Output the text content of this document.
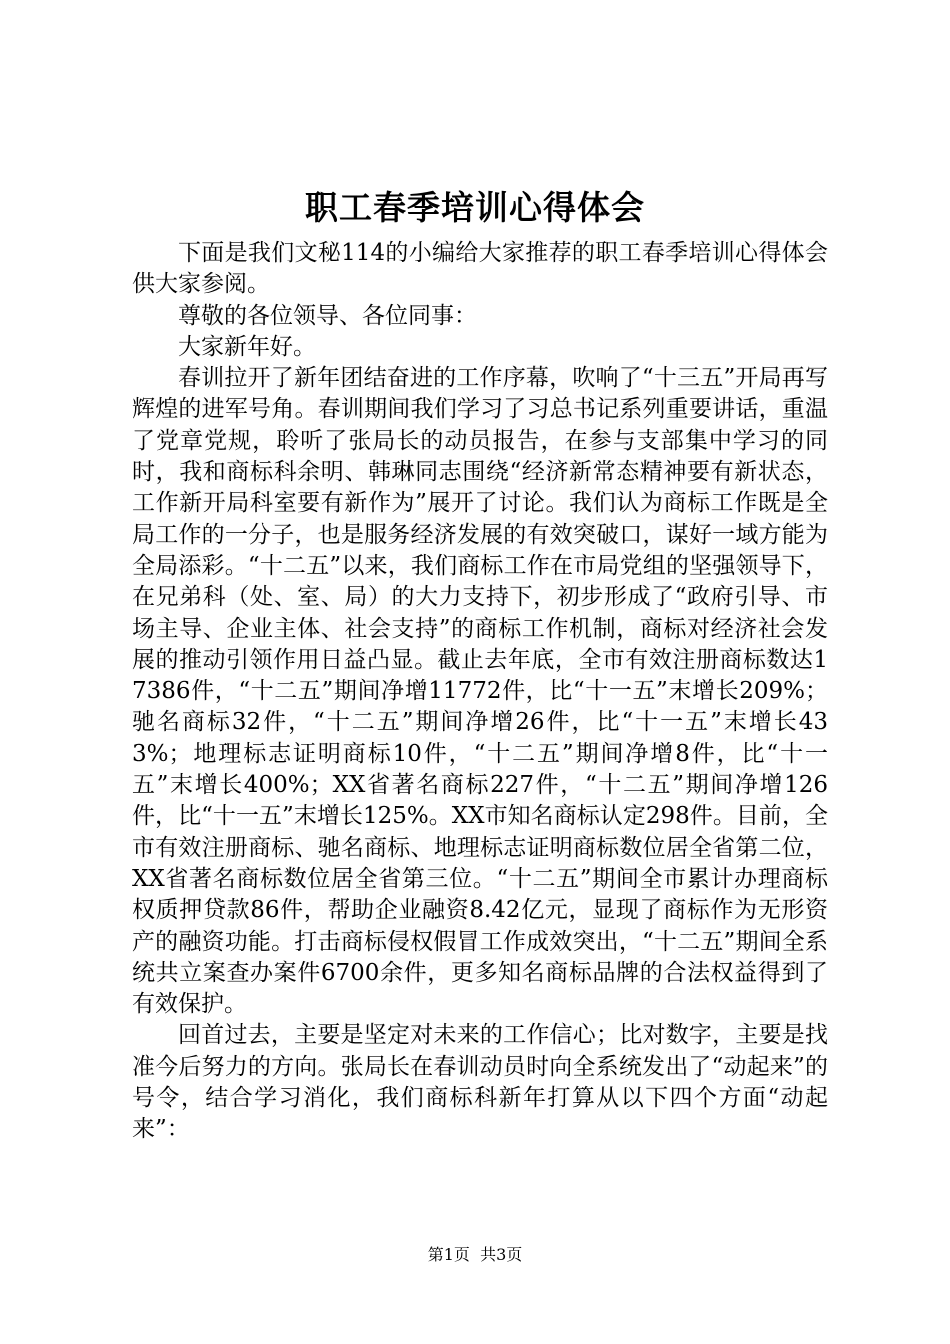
职工春季培训心得体会

下面是我们文秘114的小编给大家推荐的职工春季培训心得体会供大家参阅。

尊敬的各位领导、各位同事：

大家新年好。

春训拉开了新年团结奋进的工作序幕，吹响了“十三五”开局再写辉煌的进军号角。春训期间我们学习了习总书记系列重要讲话，重温了党章党规，聆听了张局长的动员报告，在参与支部集中学习的同时，我和商标科余明、韩琳同志围绕“经济新常态精神要有新状态，工作新开局科室要有新作为”展开了讨论。我们认为商标工作既是全局工作的一分子，也是服务经济发展的有效突破口，谋好一域方能为全局添彩。“十二五”以来，我们商标工作在市局党组的坚强领导下，在兄弟科（处、室、局）的大力支持下，初步形成了“政府引导、市场主导、企业主体、社会支持”的商标工作机制，商标对经济社会发展的推动引领作用日益凸显。截止去年底，全市有效注册商标数达17386件，“十二五”期间净增11772件，比“十一五”末增长209%；驰名商标32件，“十二五”期间净增26件，比“十一五”末增长433%；地理标志证明商标10件，“十二五”期间净增8件，比“十一五”末增长400%；XX省著名商标227件，“十二五”期间净增126件，比“十一五”末增长125%。XX市知名商标认定298件。目前，全市有效注册商标、驰名商标、地理标志证明商标数位居全省第二位，XX省著名商标数位居全省第三位。“十二五”期间全市累计办理商标权质押贷款86件，帮助企业融资8.42亿元，显现了商标作为无形资产的融资功能。打击商标侵权假冒工作成效突出，“十二五”期间全系统共立案查办案件6700余件，更多知名商标品牌的合法权益得到了有效保护。

回首过去，主要是坚定对未来的工作信心；比对数字，主要是找准今后努力的方向。张局长在春训动员时向全系统发出了“动起来”的号令，结合学习消化，我们商标科新年打算从以下四个方面“动起来”：

第1页  共3页
